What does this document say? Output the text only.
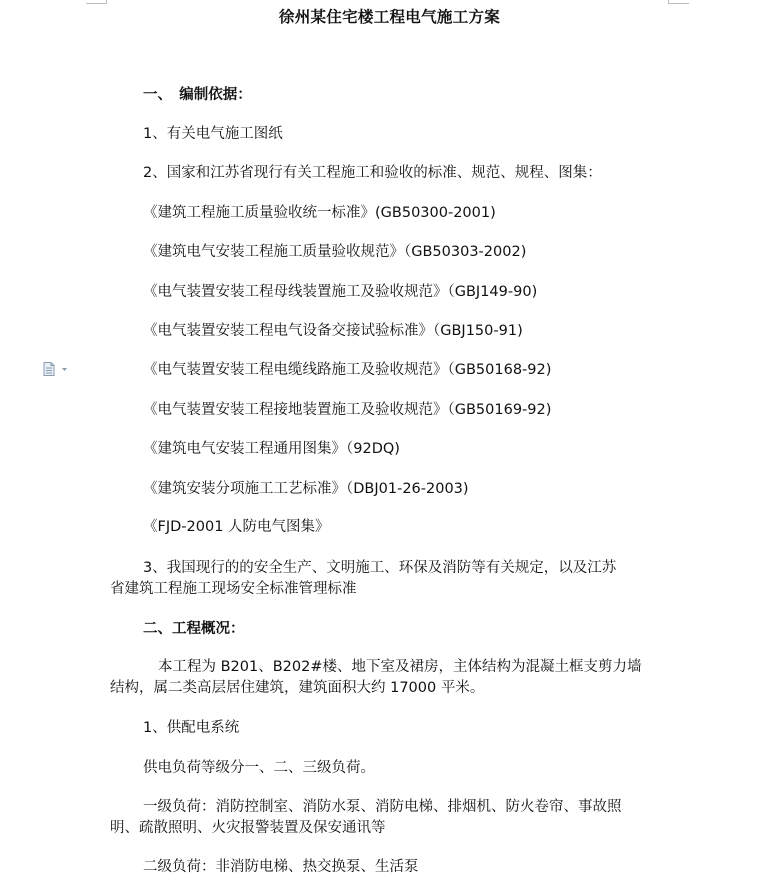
徐州某住宅楼工程电气施工方案
一、　编制依据：
1、有关电气施工图纸
2、国家和江苏省现行有关工程施工和验收的标准、规范、规程、图集：
《建筑工程施工质量验收统一标准》(GB50300-2001)
《建筑电气安装工程施工质量验收规范》（GB50303-2002)
《电气装置安装工程母线装置施工及验收规范》（GBJ149-90)
《电气装置安装工程电气设备交接试验标准》（GBJ150-91)
《电气装置安装工程电缆线路施工及验收规范》（GB50168-92)
《电气装置安装工程接地装置施工及验收规范》（GB50169-92)
《建筑电气安装工程通用图集》（92DQ)
《建筑安装分项施工工艺标准》（DBJ01-26-2003)
《FJD-2001 人防电气图集》
3、我国现行的的安全生产、文明施工、环保及消防等有关规定，以及江苏
省建筑工程施工现场安全标准管理标准
二、工程概况：
本工程为 B201、B202#楼、地下室及裙房，主体结构为混凝土框支剪力墙
结构，属二类高层居住建筑，建筑面积大约 17000 平米。
1、供配电系统
供电负荷等级分一、二、三级负荷。
一级负荷：消防控制室、消防水泵、消防电梯、排烟机、防火卷帘、事故照
明、疏散照明、火灾报警装置及保安通讯等
二级负荷：非消防电梯、热交换泵、生活泵
